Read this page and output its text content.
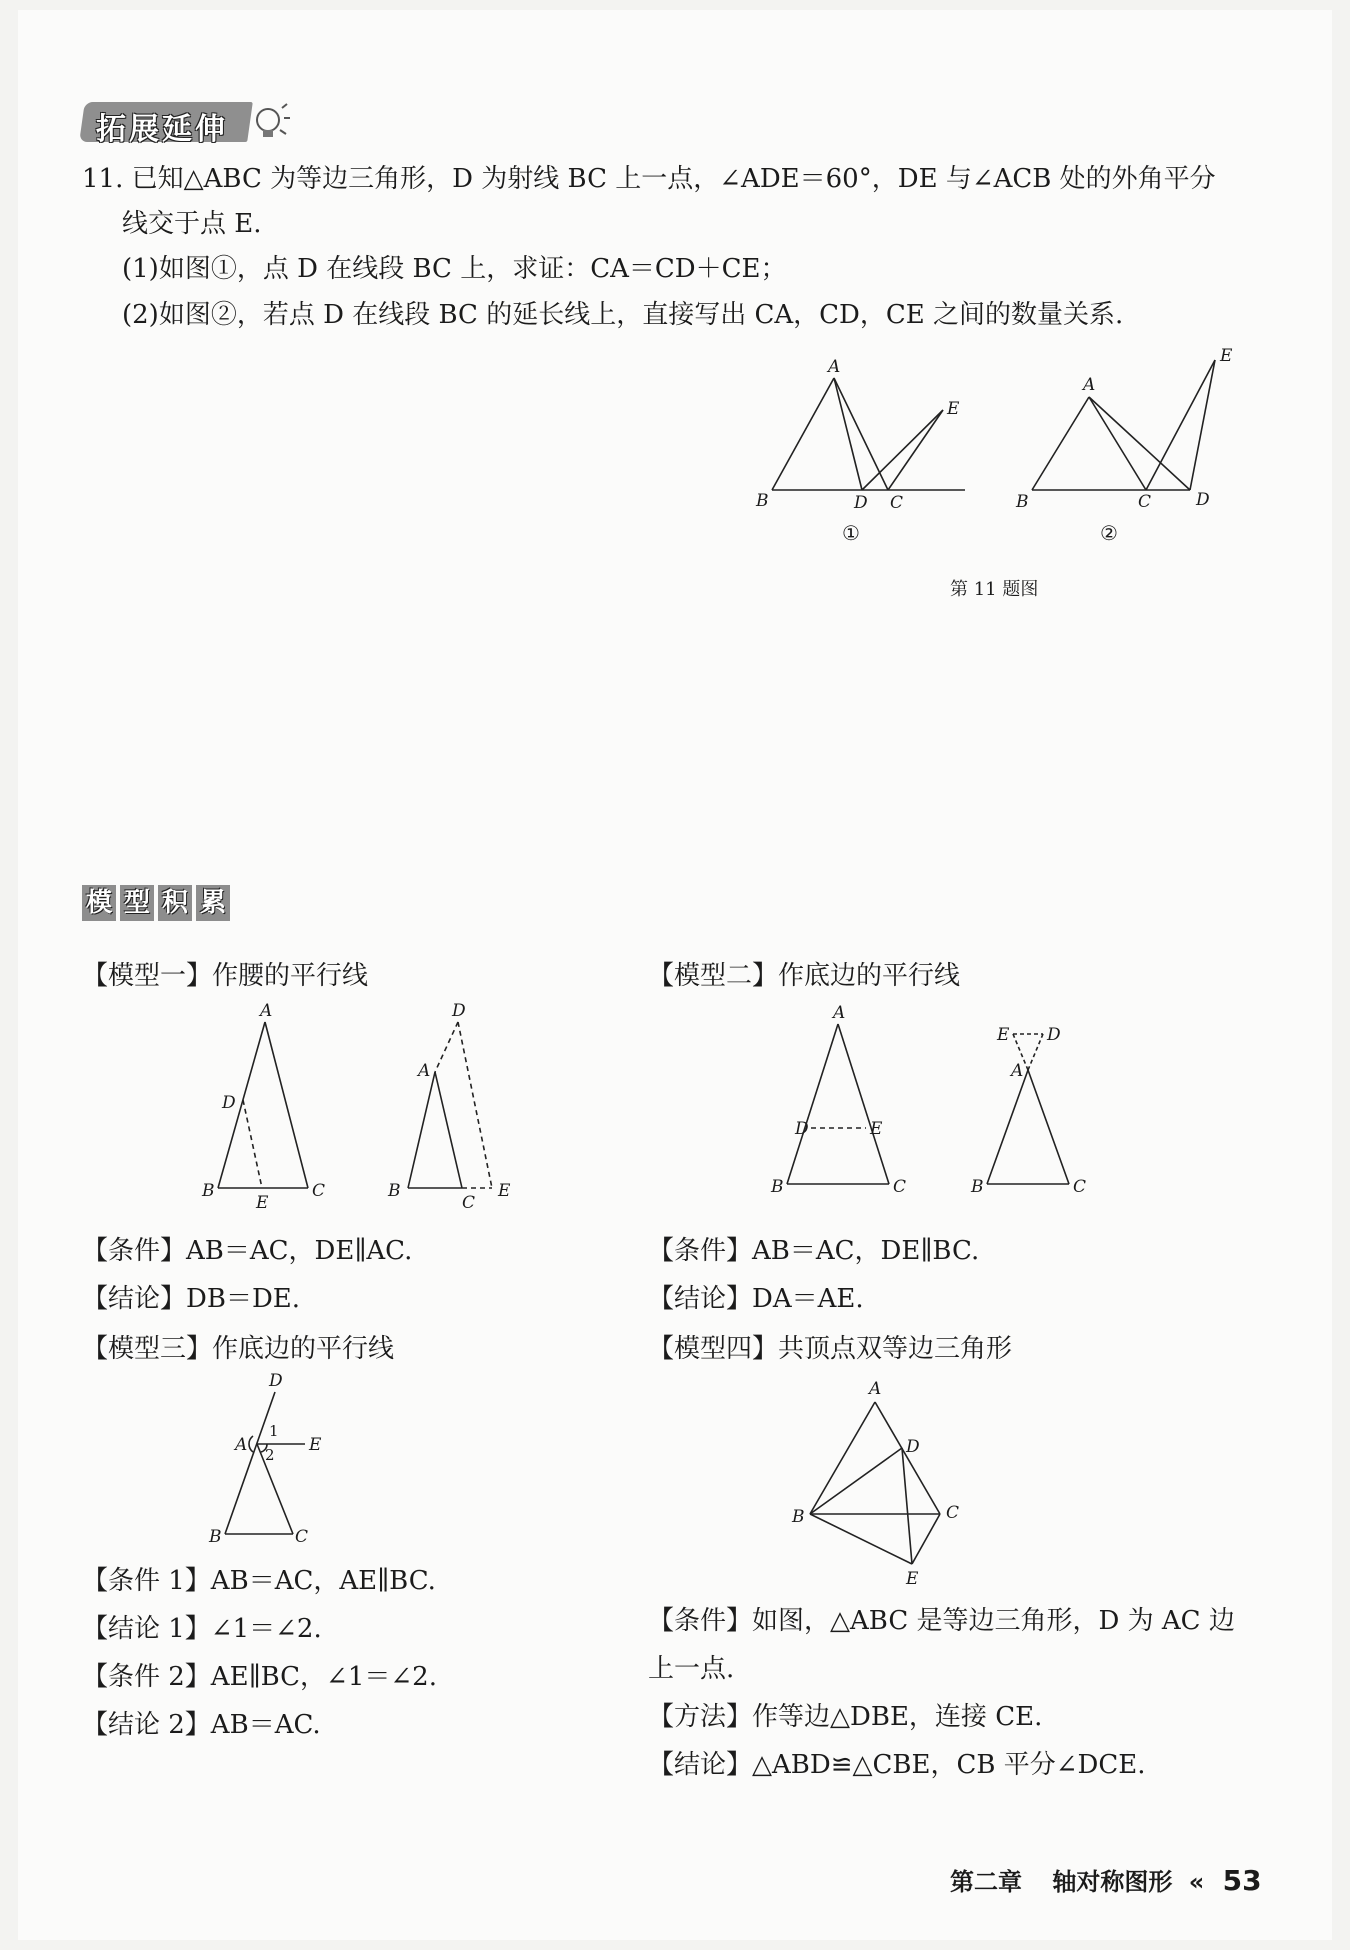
拓展延伸
11. 已知△ABC 为等边三角形，D 为射线 BC 上一点，∠ADE＝60°，DE 与∠ACB 处的外角平分
线交于点 E.
(1)如图①，点 D 在线段 BC 上，求证：CA＝CD＋CE；
(2)如图②，若点 D 在线段 BC 的延长线上，直接写出 CA，CD，CE 之间的数量关系.
A
B	D C
E
①
A
B	C	D
E
②
第 11 题图
模 型 积 累
【模型一】作腰的平行线
A
D
B	C
E
D
A
B
C
E
【条件】AB＝AC，DE∥AC.
【结论】DB＝DE.
【模型二】作底边的平行线
A
D	E
B	C
E D
A
B	C
【条件】AB＝AC，DE∥BC.
【结论】DA＝AE.
【模型三】作底边的平行线
D
1
A 2 E
B	C
【条件 1】AB＝AC，AE∥BC.
【结论 1】∠1＝∠2.
【条件 2】AE∥BC，∠1＝∠2.
【结论 2】AB＝AC.
【模型四】共顶点双等边三角形
A
D
B	C
E
【条件】如图，△ABC 是等边三角形，D 为 AC 边
上一点.
【方法】作等边△DBE，连接 CE.
【结论】△ABD≌△CBE，CB 平分∠DCE.
第二章 轴对称图形 « 53
